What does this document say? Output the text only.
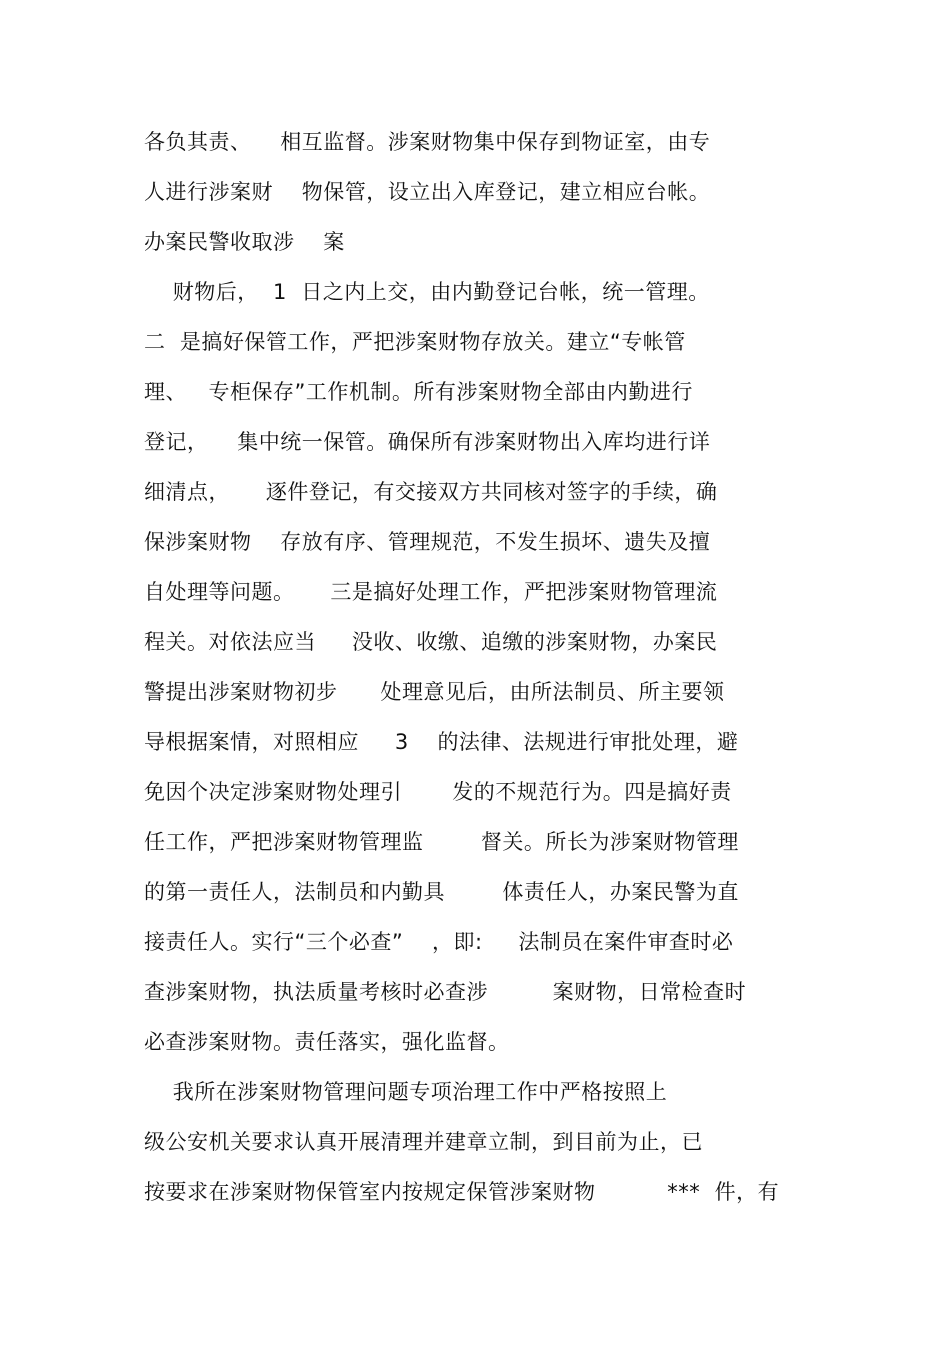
各负其责、    相互监督。涉案财物集中保存到物证室，由专
人进行涉案财    物保管，设立出入库登记，建立相应台帐。
办案民警收取涉    案
财物后，  1  日之内上交，由内勤登记台帐，统一管理。
二  是搞好保管工作，严把涉案财物存放关。建立“专帐管
理、   专柜保存”工作机制。所有涉案财物全部由内勤进行
登记，    集中统一保管。确保所有涉案财物出入库均进行详
细清点，     逐件登记，有交接双方共同核对签字的手续，确
保涉案财物    存放有序、管理规范，不发生损坏、遗失及擅
自处理等问题。     三是搞好处理工作，严把涉案财物管理流
程关。对依法应当     没收、收缴、追缴的涉案财物，办案民
警提出涉案财物初步      处理意见后，由所法制员、所主要领
导根据案情，对照相应     3    的法律、法规进行审批处理，避
免因个决定涉案财物处理引       发的不规范行为。四是搞好责
任工作，严把涉案财物管理监        督关。所长为涉案财物管理
的第一责任人，法制员和内勤具        体责任人，办案民警为直
接责任人。实行“三个必查”    ，即:     法制员在案件审查时必
查涉案财物，执法质量考核时必查涉         案财物，日常检查时
必查涉案财物。责任落实，强化监督。
我所在涉案财物管理问题专项治理工作中严格按照上
级公安机关要求认真开展清理并建章立制，到目前为止，已
按要求在涉案财物保管室内按规定保管涉案财物          ***  件，有
